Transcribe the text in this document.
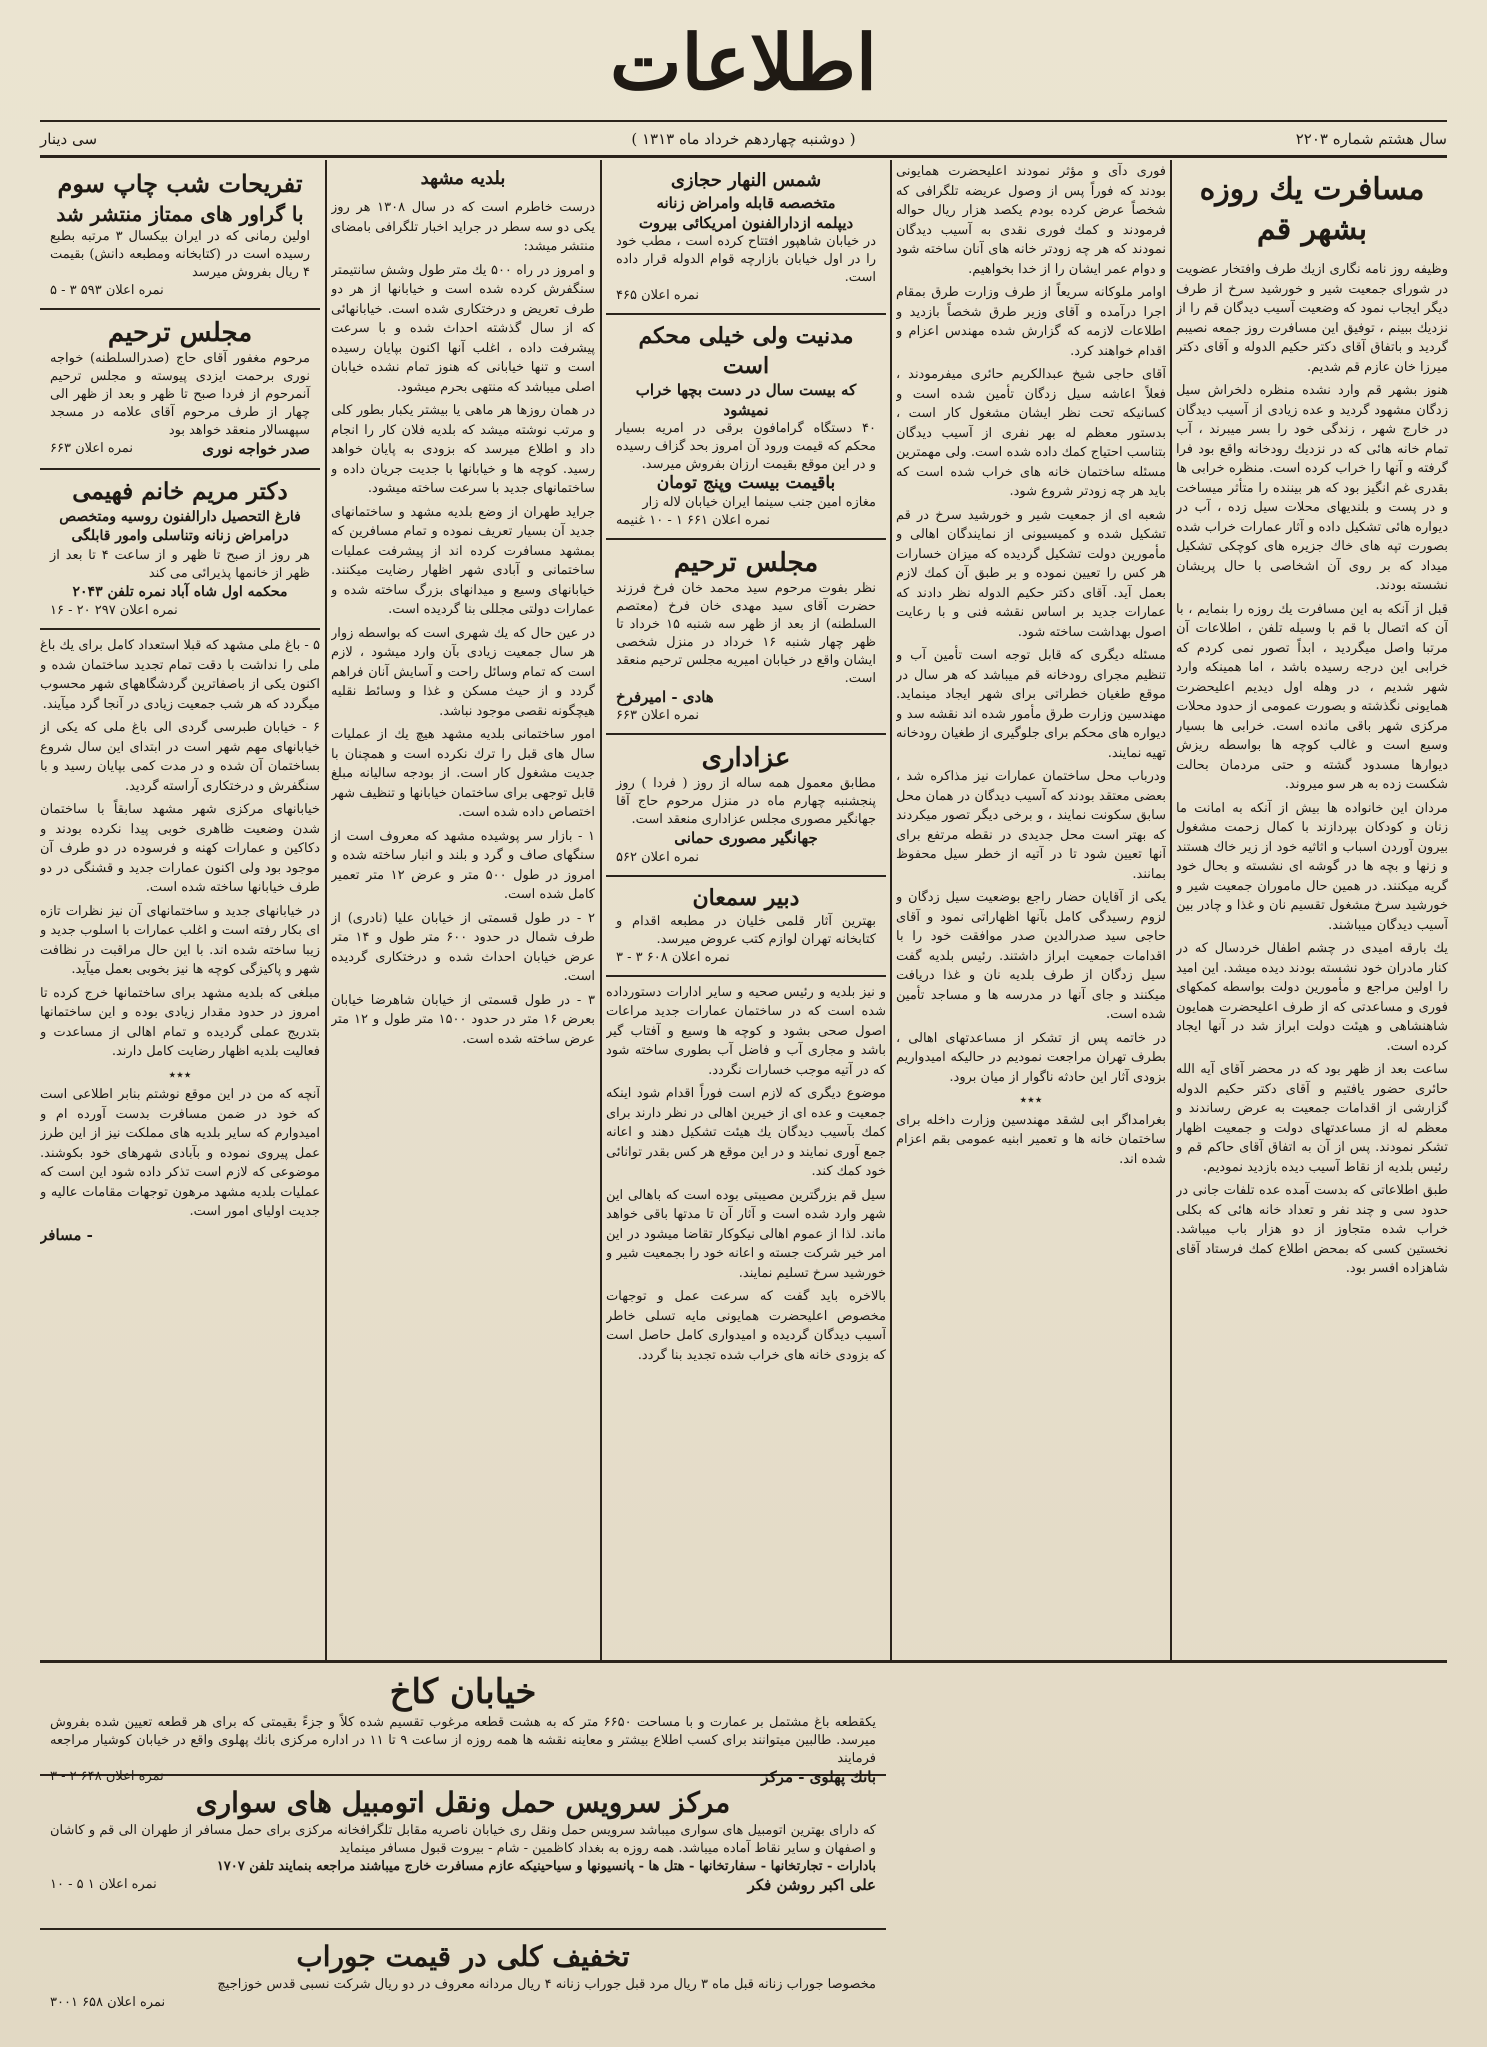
اطلاعات
سال هشتم شماره ۲۲۰۳
( دوشنبه چهاردهم خرداد ماه ۱۳۱۳ )
سی دینار
مسافرت یك روزه بشهر قم

وظیفه روز نامه نگاری ازیك طرف وافتخار عضویت در شورای جمعیت شیر و خورشید سرخ از طرف دیگر ایجاب نمود که وضعیت آسیب دیدگان قم را از نزدیك ببینم ، توفیق این مسافرت روز جمعه نصیبم گردید و باتفاق آقای دکتر حکیم الدوله و آقای دکتر میرزا خان عازم قم شدیم.

هنوز بشهر قم وارد نشده منظره دلخراش سیل زدگان مشهود گردید و عده زیادی از آسیب دیدگان در خارج شهر ، زندگی خود را بسر میبرند ، آب تمام خانه هائی که در نزدیك رودخانه واقع بود فرا گرفته و آنها را خراب کرده است. منظره خرابی ها بقدری غم انگیز بود که هر بیننده را متأثر میساخت و در پست و بلندیهای محلات سیل زده ، آب در دیواره هائی تشکیل داده و آثار عمارات خراب شده بصورت تپه های خاك جزیره های کوچکی تشکیل میداد که بر روی آن اشخاصی با حال پریشان نشسته بودند.

قبل از آنکه به این مسافرت یك روزه را بنمایم ، با آن که اتصال با قم با وسیله تلفن ، اطلاعات آن مرتبا واصل میگردید ، ابداً تصور نمی کردم که خرابی این درجه رسیده باشد ، اما همینکه وارد شهر شدیم ، در وهله اول دیدیم اعلیحضرت همایونی نگذشته و بصورت عمومی از حدود محلات مرکزی شهر باقی مانده است. خرابی ها بسیار وسیع است و غالب کوچه ها بواسطه ریزش دیوارها مسدود گشته و حتی مردمان بحالت شکست زده به هر سو میروند.

مردان این خانواده ها بیش از آنکه به امانت ما زنان و کودکان بپردازند با کمال زحمت مشغول بیرون آوردن اسباب و اثاثیه خود از زیر خاك هستند و زنها و بچه ها در گوشه ای نشسته و بحال خود گریه میکنند. در همین حال ماموران جمعیت شیر و خورشید سرخ مشغول تقسیم نان و غذا و چادر بین آسیب دیدگان میباشند.

یك بارقه امیدی در چشم اطفال خردسال که در کنار مادران خود نشسته بودند دیده میشد. این امید را اولین مراجع و مأمورین دولت بواسطه کمکهای فوری و مساعدتی که از طرف اعلیحضرت همایون شاهنشاهی و هیئت دولت ابراز شد در آنها ایجاد کرده است.

ساعت بعد از ظهر بود که در محضر آقای آیه الله حائری حضور یافتیم و آقای دکتر حکیم الدوله گزارشی از اقدامات جمعیت به عرض رساندند و معظم له از مساعدتهای دولت و جمعیت اظهار تشکر نمودند. پس از آن به اتفاق آقای حاکم قم و رئیس بلدیه از نقاط آسیب دیده بازدید نمودیم.

طبق اطلاعاتی که بدست آمده عده تلفات جانی در حدود سی و چند نفر و تعداد خانه هائی که بکلی خراب شده متجاوز از دو هزار باب میباشد. نخستین کسی که بمحض اطلاع کمك فرستاد آقای شاهزاده افسر بود.

فوری دآی و مؤثر نمودند اعلیحضرت همایونی بودند که فوراً پس از وصول عریضه تلگرافی که شخصاً عرض کرده بودم یکصد هزار ریال حواله فرمودند و کمك فوری نقدی به آسیب دیدگان نمودند که هر چه زودتر خانه های آنان ساخته شود و دوام عمر ایشان را از خدا بخواهیم.

اوامر ملوکانه سریعاً از طرف وزارت طرق بمقام اجرا درآمده و آقای وزیر طرق شخصاً بازدید و اطلاعات لازمه که گزارش شده مهندس اعزام و اقدام خواهند کرد.

آقای حاجی شیخ عبدالکریم حائری میفرمودند ، فعلاً اعاشه سیل زدگان تأمین شده است و کسانیکه تحت نظر ایشان مشغول کار است ، بدستور معظم له بهر نفری از آسیب دیدگان بتناسب احتیاج کمك داده شده است. ولی مهمترین مسئله ساختمان خانه های خراب شده است که باید هر چه زودتر شروع شود.

شعبه ای از جمعیت شیر و خورشید سرخ در قم تشکیل شده و کمیسیونی از نمایندگان اهالی و مأمورین دولت تشکیل گردیده که میزان خسارات هر کس را تعیین نموده و بر طبق آن کمك لازم بعمل آید. آقای دکتر حکیم الدوله نظر دادند که عمارات جدید بر اساس نقشه فنی و با رعایت اصول بهداشت ساخته شود.

مسئله دیگری که قابل توجه است تأمین آب و تنظیم مجرای رودخانه قم میباشد که هر سال در موقع طغیان خطراتی برای شهر ایجاد مینماید. مهندسین وزارت طرق مأمور شده اند نقشه سد و دیواره های محکم برای جلوگیری از طغیان رودخانه تهیه نمایند.

ودرباب محل ساختمان عمارات نیز مذاکره شد ، بعضی معتقد بودند که آسیب دیدگان در همان محل سابق سکونت نمایند ، و برخی دیگر تصور میکردند که بهتر است محل جدیدی در نقطه مرتفع برای آنها تعیین شود تا در آتیه از خطر سیل محفوظ بمانند.

یکی از آقایان حضار راجع بوضعیت سیل زدگان و لزوم رسیدگی کامل بآنها اظهاراتی نمود و آقای حاجی سید صدرالدین صدر موافقت خود را با اقدامات جمعیت ابراز داشتند. رئیس بلدیه گفت سیل زدگان از طرف بلدیه نان و غذا دریافت میکنند و جای آنها در مدرسه ها و مساجد تأمین شده است.

در خاتمه پس از تشکر از مساعدتهای اهالی ، بطرف تهران مراجعت نمودیم در حالیکه امیدواریم بزودی آثار این حادثه ناگوار از میان برود.

٭٭٭

بغرامداگر ابی لشقد مهندسین وزارت داخله برای ساختمان خانه ها و تعمیر ابنیه عمومی بقم اعزام شده اند.

شمس النهار حجازی
متخصصه قابله وامراض زنانه
دیپلمه ازدارالفنون امریکائی بیروت
در خیابان شاهپور افتتاح کرده است ، مطب خود را در اول خیابان بازارچه قوام الدوله قرار داده است.
نمره اعلان ۴۶۵
مدنیت ولی خیلی محکم است
که بیست سال در دست بچها خراب نمیشود
۴۰ دستگاه گرامافون برقی در امریه بسیار محکم که قیمت ورود آن امروز بحد گزاف رسیده و در این موقع بقیمت ارزان بفروش میرسد.
باقیمت بیست وپنج تومان
مغازه امین جنب سینما ایران خیابان لاله زار
نمره اعلان ۶۶۱ ۱ - ۱۰ غنیمه
مجلس ترحیم
نظر بفوت مرحوم سید محمد خان فرخ فرزند حضرت آقای سید مهدی خان فرخ (معتصم السلطنه) از بعد از ظهر سه شنبه ۱۵ خرداد تا ظهر چهار شنبه ۱۶ خرداد در منزل شخصی ایشان واقع در خیابان امیریه مجلس ترحیم منعقد است.
هادی - امیرفرخ
نمره اعلان ۶۶۳
عزاداری
مطابق معمول همه ساله از روز ( فردا ) روز پنجشنبه چهارم ماه در منزل مرحوم حاج آقا جهانگیر مصوری مجلس عزاداری منعقد است.
جهانگیر مصوری حمانی
نمره اعلان ۵۶۲
دبیر سمعان
بهترین آثار قلمی خلیان در مطبعه اقدام و کتابخانه تهران لوازم کتب عروض میرسد.
نمره اعلان ۶۰۸ ۳ - ۳

و نیز بلدیه و رئیس صحیه و سایر ادارات دستورداده شده است که در ساختمان عمارات جدید مراعات اصول صحی بشود و کوچه ها وسیع و آفتاب گیر باشد و مجاری آب و فاضل آب بطوری ساخته شود که در آتیه موجب خسارات نگردد.

موضوع دیگری که لازم است فوراً اقدام شود اینکه جمعیت و عده ای از خیرین اهالی در نظر دارند برای کمك بآسیب دیدگان یك هیئت تشکیل دهند و اعانه جمع آوری نمایند و در این موقع هر کس بقدر توانائی خود کمك کند.

سیل قم بزرگترین مصیبتی بوده است که باهالی این شهر وارد شده است و آثار آن تا مدتها باقی خواهد ماند. لذا از عموم اهالی نیکوکار تقاضا میشود در این امر خیر شرکت جسته و اعانه خود را بجمعیت شیر و خورشید سرخ تسلیم نمایند.

بالاخره باید گفت که سرعت عمل و توجهات مخصوص اعلیحضرت همایونی مایه تسلی خاطر آسیب دیدگان گردیده و امیدواری کامل حاصل است که بزودی خانه های خراب شده تجدید بنا گردد.

بلدیه مشهد

درست خاطرم است که در سال ۱۳۰۸ هر روز یکی دو سه سطر در جراید اخبار تلگرافی بامضای منتشر میشد:

و امروز در راه ۵۰۰ یك متر طول وشش سانتیمتر سنگفرش کرده شده است و خیابانها از هر دو طرف تعریض و درختکاری شده است. خیابانهائی که از سال گذشته احداث شده و با سرعت پیشرفت داده ، اغلب آنها اکنون بپایان رسیده است و تنها خیابانی که هنوز تمام نشده خیابان اصلی میباشد که منتهی بحرم میشود.

در همان روزها هر ماهی یا بیشتر یکبار بطور کلی و مرتب نوشته میشد که بلدیه فلان کار را انجام داد و اطلاع میرسد که بزودی به پایان خواهد رسید. کوچه ها و خیابانها با جدیت جریان داده و ساختمانهای جدید با سرعت ساخته میشود.

جراید طهران از وضع بلدیه مشهد و ساختمانهای جدید آن بسیار تعریف نموده و تمام مسافرین که بمشهد مسافرت کرده اند از پیشرفت عملیات ساختمانی و آبادی شهر اظهار رضایت میکنند. خیابانهای وسیع و میدانهای بزرگ ساخته شده و عمارات دولتی مجللی بنا گردیده است.

در عین حال که یك شهری است که بواسطه زوار هر سال جمعیت زیادی بآن وارد میشود ، لازم است که تمام وسائل راحت و آسایش آنان فراهم گردد و از حیث مسکن و غذا و وسائط نقلیه هیچگونه نقصی موجود نباشد.

امور ساختمانی بلدیه مشهد هیچ یك از عملیات سال های قبل را ترك نکرده است و همچنان با جدیت مشغول کار است. از بودجه سالیانه مبلغ قابل توجهی برای ساختمان خیابانها و تنظیف شهر اختصاص داده شده است.

۱ - بازار سر پوشیده مشهد که معروف است از سنگهای صاف و گرد و بلند و انبار ساخته شده و امروز در طول ۵۰۰ متر و عرض ۱۲ متر تعمیر کامل شده است.

۲ - در طول قسمتی از خیابان علیا (نادری) از طرف شمال در حدود ۶۰۰ متر طول و ۱۴ متر عرض خیابان احداث شده و درختکاری گردیده است.

۳ - در طول قسمتی از خیابان شاهرضا خیابان بعرض ۱۶ متر در حدود ۱۵۰۰ متر طول و ۱۲ متر عرض ساخته شده است.

تفریحات شب چاپ سوم
با گراور های ممتاز منتشر شد
اولین رمانی که در ایران بیکسال ۳ مرتبه بطبع رسیده است در (کتابخانه ومطبعه دانش) بقیمت ۴ ریال بفروش میرسد
نمره اعلان ۵۹۳ ۳ - ۵
مجلس ترحیم
مرحوم مغفور آقای حاج (صدرالسلطنه) خواجه نوری برحمت ایزدی پیوسته و مجلس ترحیم آنمرحوم از فردا صبح تا ظهر و بعد از ظهر الی چهار از طرف مرحوم آقای علامه در مسجد سپهسالار منعقد خواهد بود
صدر خواجه نوری
نمره اعلان ۶۶۳
دکتر مریم خانم فهیمی
فارغ التحصیل دارالفنون روسیه ومتخصص
درامراض زنانه وتناسلی وامور قابلگی
هر روز از صبح تا ظهر و از ساعت ۴ تا بعد از ظهر از خانمها پذیرائی می کند
محکمه اول شاه آباد نمره تلفن ۲۰۴۳
نمره اعلان ۲۹۷ ۲۰ - ۱۶

۵ - باغ ملی مشهد که قبلا استعداد کامل برای یك باغ ملی را نداشت با دقت تمام تجدید ساختمان شده و اکنون یکی از باصفاترین گردشگاههای شهر محسوب میگردد که هر شب جمعیت زیادی در آنجا گرد میآیند.

۶ - خیابان طبرسی گردی الی باغ ملی که یکی از خیابانهای مهم شهر است در ابتدای این سال شروع بساختمان آن شده و در مدت کمی بپایان رسید و با سنگفرش و درختکاری آراسته گردید.

خیابانهای مرکزی شهر مشهد سابقاً با ساختمان شدن وضعیت ظاهری خوبی پیدا نکرده بودند و دکاکین و عمارات کهنه و فرسوده در دو طرف آن موجود بود ولی اکنون عمارات جدید و قشنگی در دو طرف خیابانها ساخته شده است.

در خیابانهای جدید و ساختمانهای آن نیز نظرات تازه ای بکار رفته است و اغلب عمارات با اسلوب جدید و زیبا ساخته شده اند. با این حال مراقبت در نظافت شهر و پاکیزگی کوچه ها نیز بخوبی بعمل میآید.

مبلغی که بلدیه مشهد برای ساختمانها خرج کرده تا امروز در حدود مقدار زیادی بوده و این ساختمانها بتدریج عملی گردیده و تمام اهالی از مساعدت و فعالیت بلدیه اظهار رضایت کامل دارند.

٭٭٭

آنچه که من در این موقع نوشتم بنابر اطلاعی است که خود در ضمن مسافرت بدست آورده ام و امیدوارم که سایر بلدیه های مملکت نیز از این طرز عمل پیروی نموده و بآبادی شهرهای خود بکوشند. موضوعی که لازم است تذکر داده شود این است که عملیات بلدیه مشهد مرهون توجهات مقامات عالیه و جدیت اولیای امور است.

- مسافر
خیابان کاخ
یکقطعه باغ مشتمل بر عمارت و با مساحت ۶۶۵۰ متر که به هشت قطعه مرغوب تقسیم شده کلاً و جزءً بقیمتی که برای هر قطعه تعیین شده بفروش میرسد. طالبین میتوانند برای کسب اطلاع بیشتر و معاینه نقشه ها همه روزه از ساعت ۹ تا ۱۱ در اداره مرکزی بانك پهلوی واقع در خیابان کوشیار مراجعه فرمایند
بانك پهلوی - مرکز
نمره اعلان ۶۴۸ ۲ - ۳
مرکز سرویس حمل ونقل اتومبیل های سواری
که دارای بهترین اتومبیل های سواری میباشد سرویس حمل ونقل ری خیابان ناصریه مقابل تلگرافخانه مرکزی برای حمل مسافر از طهران الی قم و کاشان و اصفهان و سایر نقاط آماده میباشد. همه روزه به بغداد کاظمین - شام - بیروت قبول مسافر مینماید
بادارات - تجارتخانها - سفارتخانها - هتل ها - پانسیونها و سیاحینیکه عازم مسافرت خارج میباشند مراجعه بنمایند تلفن ۱۷۰۷
علی اکبر روشن فکر
نمره اعلان ۱ ۵ - ۱۰
تخفیف کلی در قیمت جوراب
مخصوصا جوراب زنانه قبل ماه ۳ ریال مرد قبل جوراب زنانه ۴ ریال مردانه معروف در دو ریال شرکت نسبی قدس خوزاجیچ
نمره اعلان ۶۵۸ ۳۰۰۱
